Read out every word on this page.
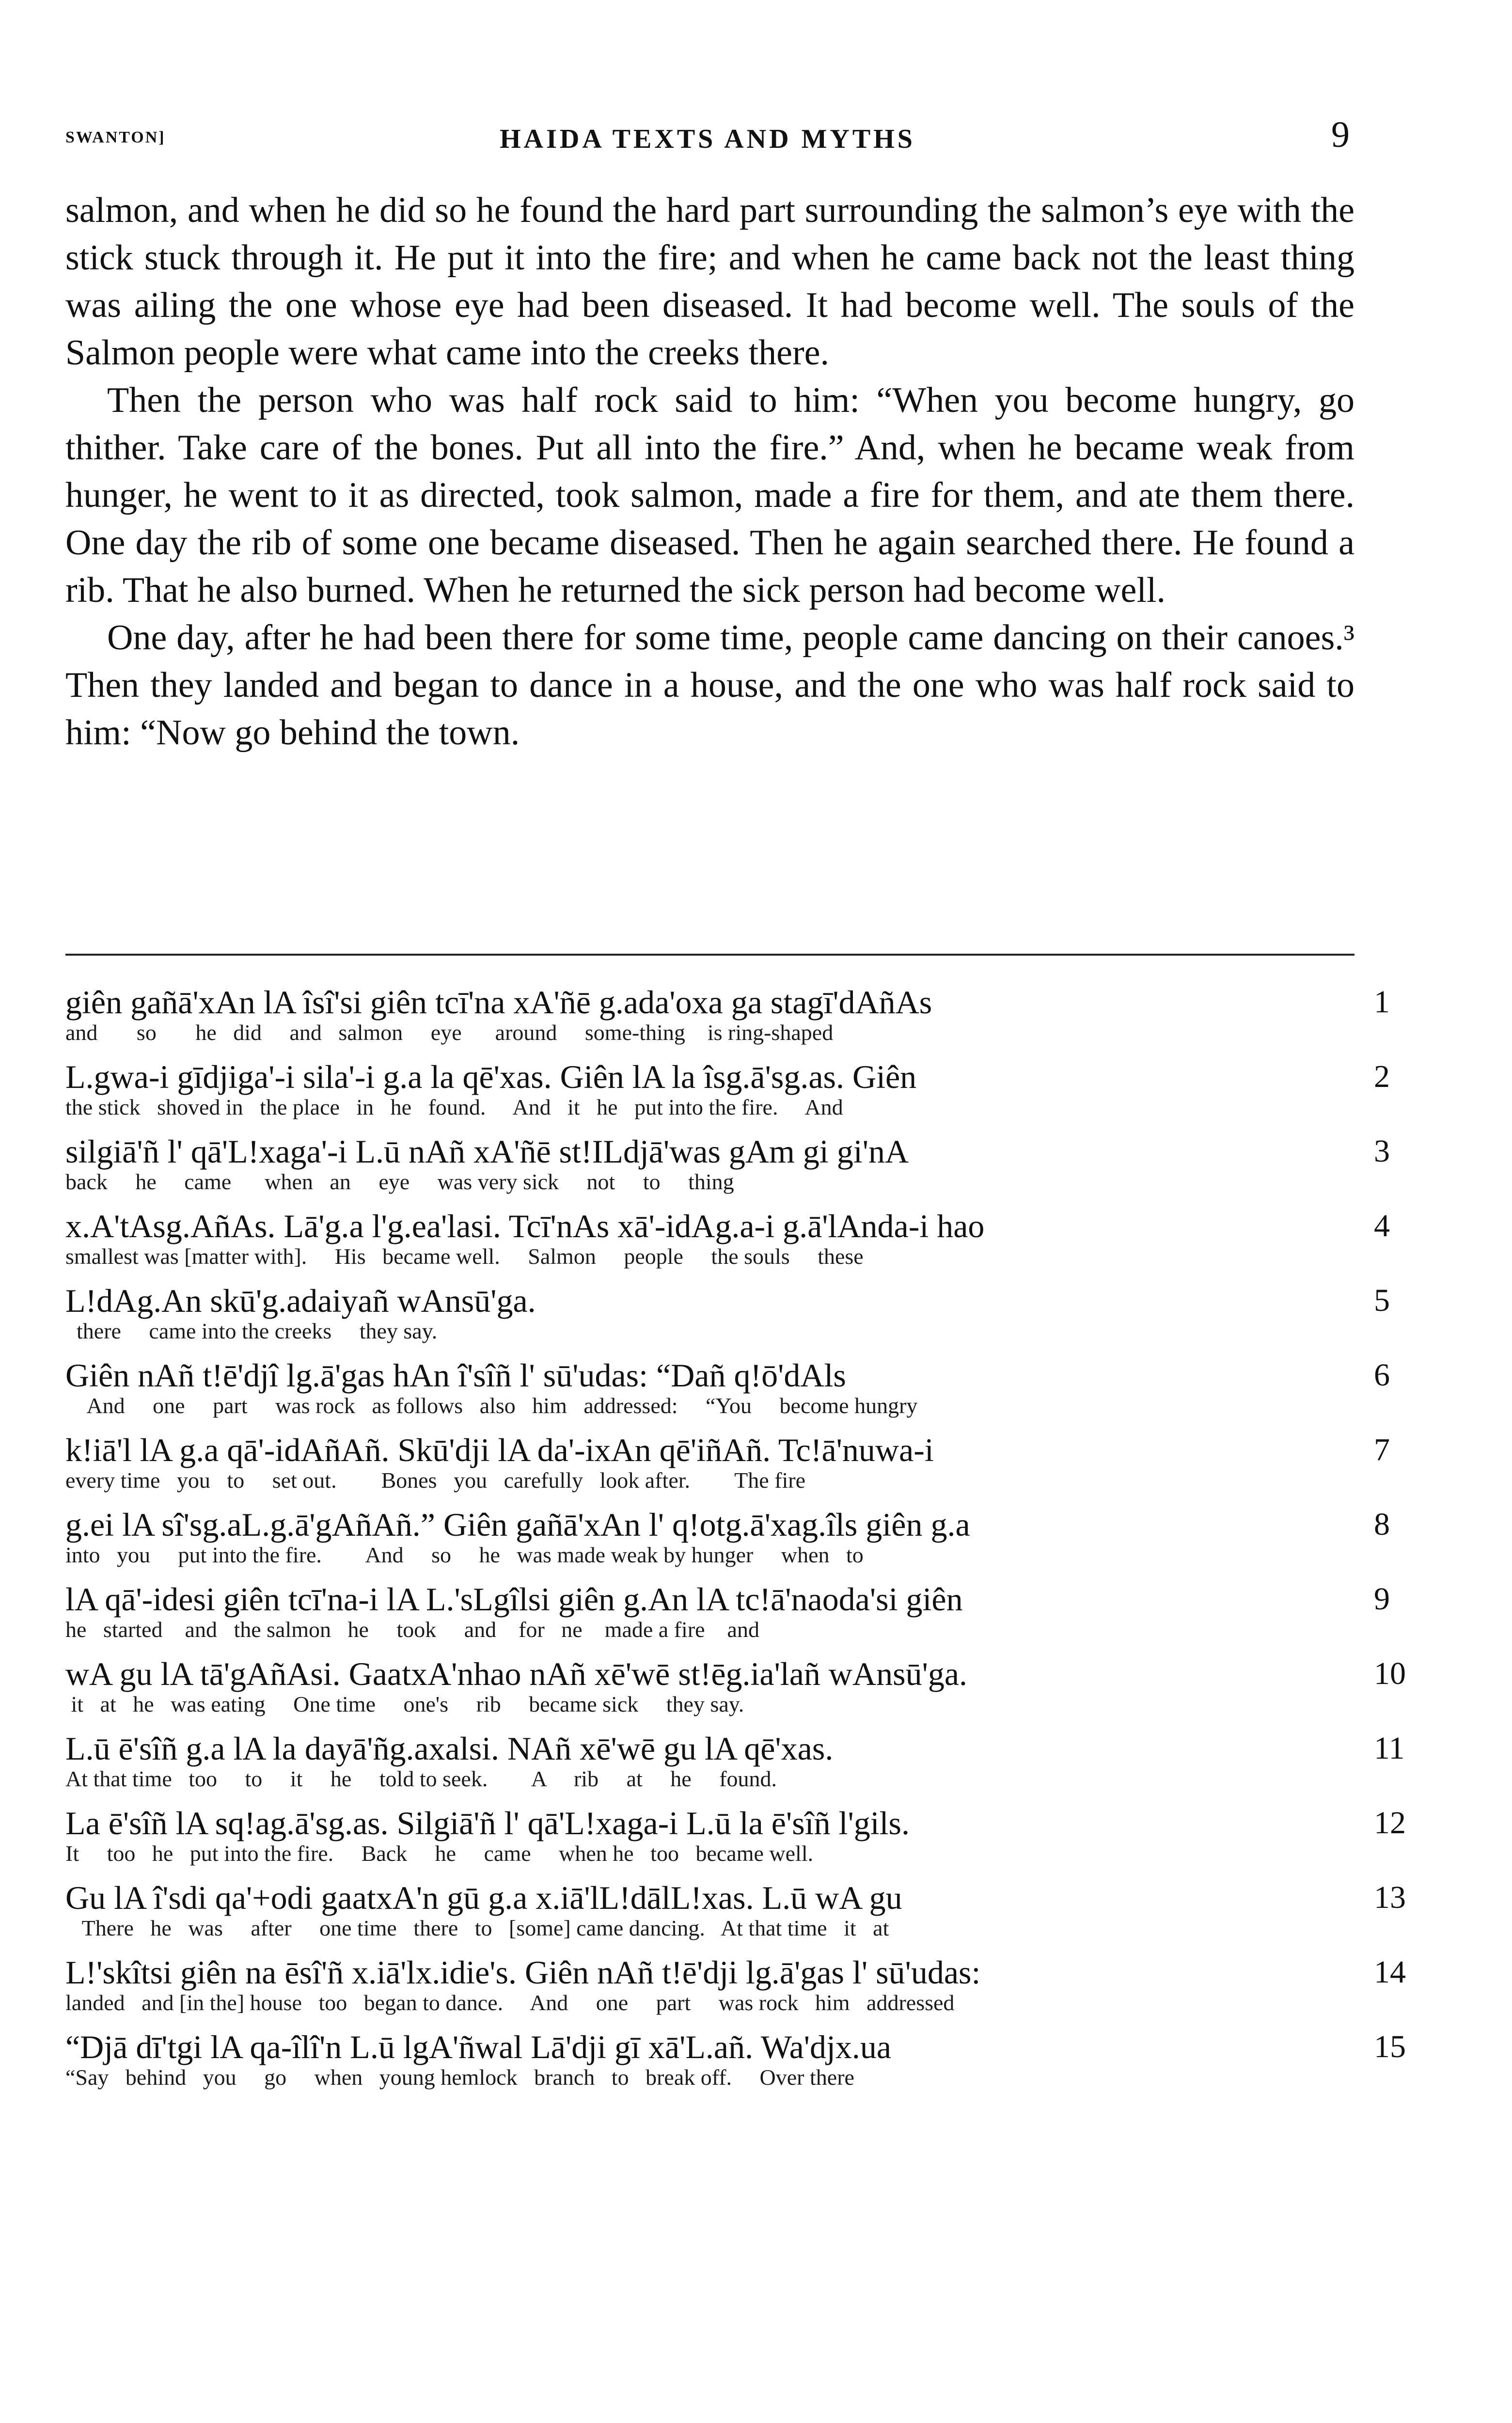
SWANTON]	HAIDA TEXTS AND MYTHS	9

salmon, and when he did so he found the hard part surrounding the salmon’s eye with the stick stuck through it. He put it into the fire; and when he came back not the least thing was ailing the one whose eye had been diseased. It had become well. The souls of the Salmon people were what came into the creeks there.

Then the person who was half rock said to him: “When you become hungry, go thither. Take care of the bones. Put all into the fire.” And, when he became weak from hunger, he went to it as directed, took salmon, made a fire for them, and ate them there. One day the rib of some one became diseased. Then he again searched there. He found a rib. That he also burned. When he returned the sick person had become well.

One day, after he had been there for some time, people came dancing on their canoes.³ Then they landed and began to dance in a house, and the one who was half rock said to him: “Now go behind the town.

giên gañā'xAn lA îsî'si giên tcī'na xA'ñē g.ada'oxa ga stagī'dAñAs
and       so       he   did     and   salmon     eye      around     some-thing    is ring-shaped
1
L.gwa-i gīdjiga'-i sila'-i g.a la qē'xas. Giên lA la îsg.ā'sg.as. Giên
the stick   shoved in   the place   in   he   found.     And   it   he   put into the fire.     And
2
silgiā'ñ l' qā'L!xaga'-i L.ū nAñ xA'ñē st!ILdjā'was gAm gi gi'nA
back     he     came      when   an     eye     was very sick     not     to     thing
3
x.A'tAsg.AñAs. Lā'g.a l'g.ea'lasi. Tcī'nAs xā'-idAg.a-i g.ā'lAnda-i hao
smallest was [matter with].     His   became well.     Salmon     people     the souls     these
4
L!dAg.An skū'g.adaiyañ wAnsū'ga.
there     came into the creeks     they say.
5
Giên nAñ t!ē'djî lg.ā'gas hAn î'sîñ l' sū'udas: “Dañ q!ō'dAls
And     one     part     was rock   as follows   also   him   addressed:     “You     become hungry
6
k!iā'l lA g.a qā'-idAñAñ. Skū'dji lA da'-ixAn qē'iñAñ. Tc!ā'nuwa-i
every time   you   to     set out.        Bones   you   carefully   look after.        The fire
7
g.ei lA sî'sg.aL.g.ā'gAñAñ.” Giên gañā'xAn l' q!otg.ā'xag.îls giên g.a
into   you     put into the fire.        And     so     he   was made weak by hunger     when   to
8
lA qā'-idesi giên tcī'na-i lA L.'sLgîlsi giên g.An lA tc!ā'naoda'si giên
he   started    and   the salmon   he     took     and    for   ne    made a fire    and
9
wA gu lA tā'gAñAsi. GaatxA'nhao nAñ xē'wē st!ēg.ia'lañ wAnsū'ga.
it   at   he   was eating     One time     one's     rib     became sick     they say.
10
L.ū ē'sîñ g.a lA la dayā'ñg.axalsi. NAñ xē'wē gu lA qē'xas.
At that time   too     to     it     he     told to seek.        A     rib     at     he     found.
11
La ē'sîñ lA sq!ag.ā'sg.as. Silgiā'ñ l' qā'L!xaga-i L.ū la ē'sîñ l'gils.
It     too   he   put into the fire.     Back     he     came     when he   too   became well.
12
Gu lA î'sdi qa'+odi gaatxA'n gū g.a x.iā'lL!dālL!xas. L.ū wA gu
There   he   was     after     one time   there   to   [some] came dancing.   At that time   it   at
13
L!'skîtsi giên na ēsî'ñ x.iā'lx.idie's. Giên nAñ t!ē'dji lg.ā'gas l' sū'udas:
landed   and [in the] house   too   began to dance.     And     one     part     was rock   him   addressed
14
“Djā dī'tgi lA qa-îlî'n L.ū lgA'ñwal Lā'dji gī xā'L.añ. Wa'djx.ua
“Say   behind   you     go     when   young hemlock   branch   to   break off.     Over there
15
